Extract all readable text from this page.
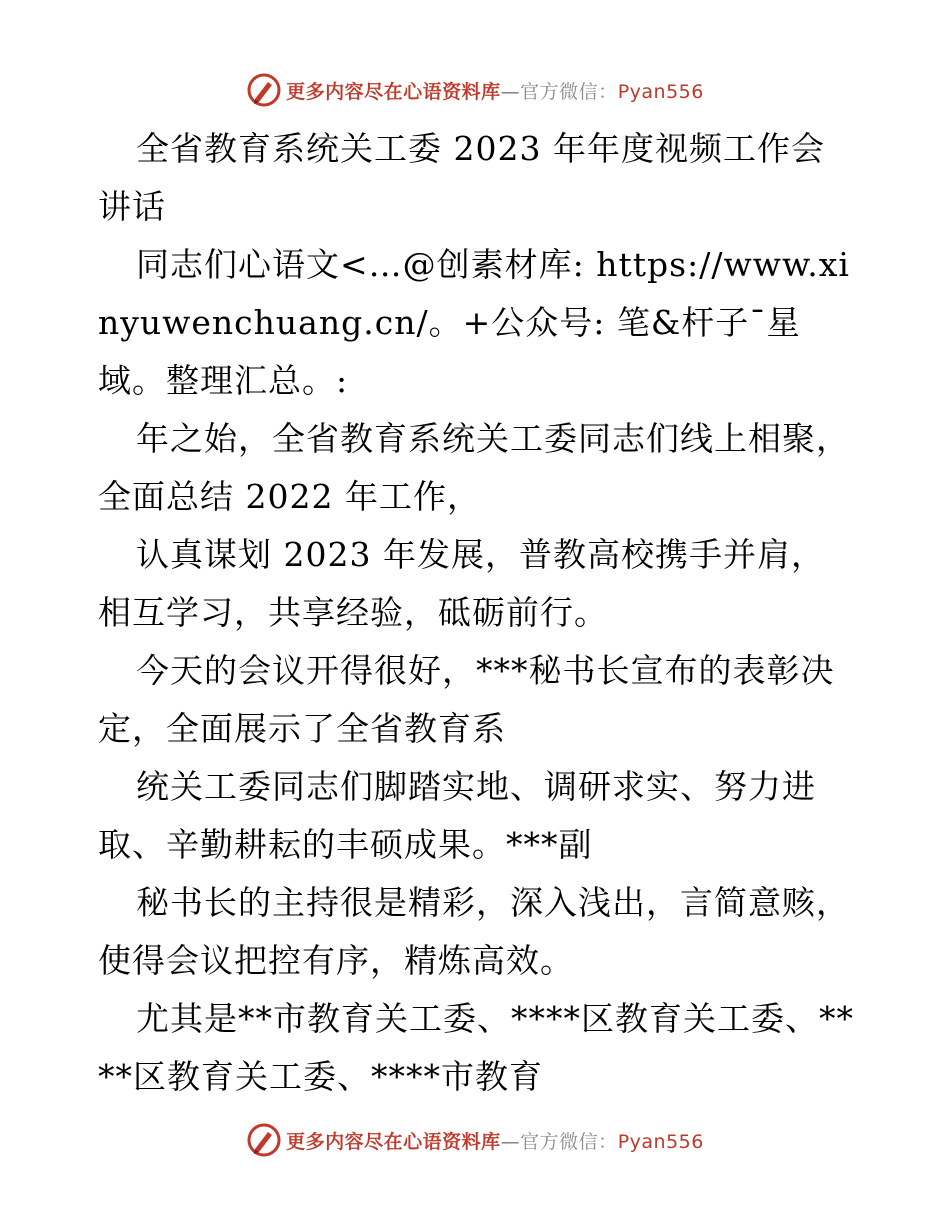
更多内容尽在心语资料库—官方微信：Pyan556

全省教育系统关工委 2023 年年度视频工作会讲话

同志们心语文<…@创素材库: https://www.xinyuwenchuang.cn/。+公众号: 笔&杆子¯星域。整理汇总。:

年之始，全省教育系统关工委同志们线上相聚，全面总结 2022 年工作，

认真谋划 2023 年发展，普教高校携手并肩，相互学习，共享经验，砥砺前行。

今天的会议开得很好，***秘书长宣布的表彰决定，全面展示了全省教育系

统关工委同志们脚踏实地、调研求实、努力进取、辛勤耕耘的丰硕成果。***副

秘书长的主持很是精彩，深入浅出，言简意赅，使得会议把控有序，精炼高效。

尤其是**市教育关工委、****区教育关工委、****区教育关工委、****市教育

更多内容尽在心语资料库—官方微信：Pyan556
